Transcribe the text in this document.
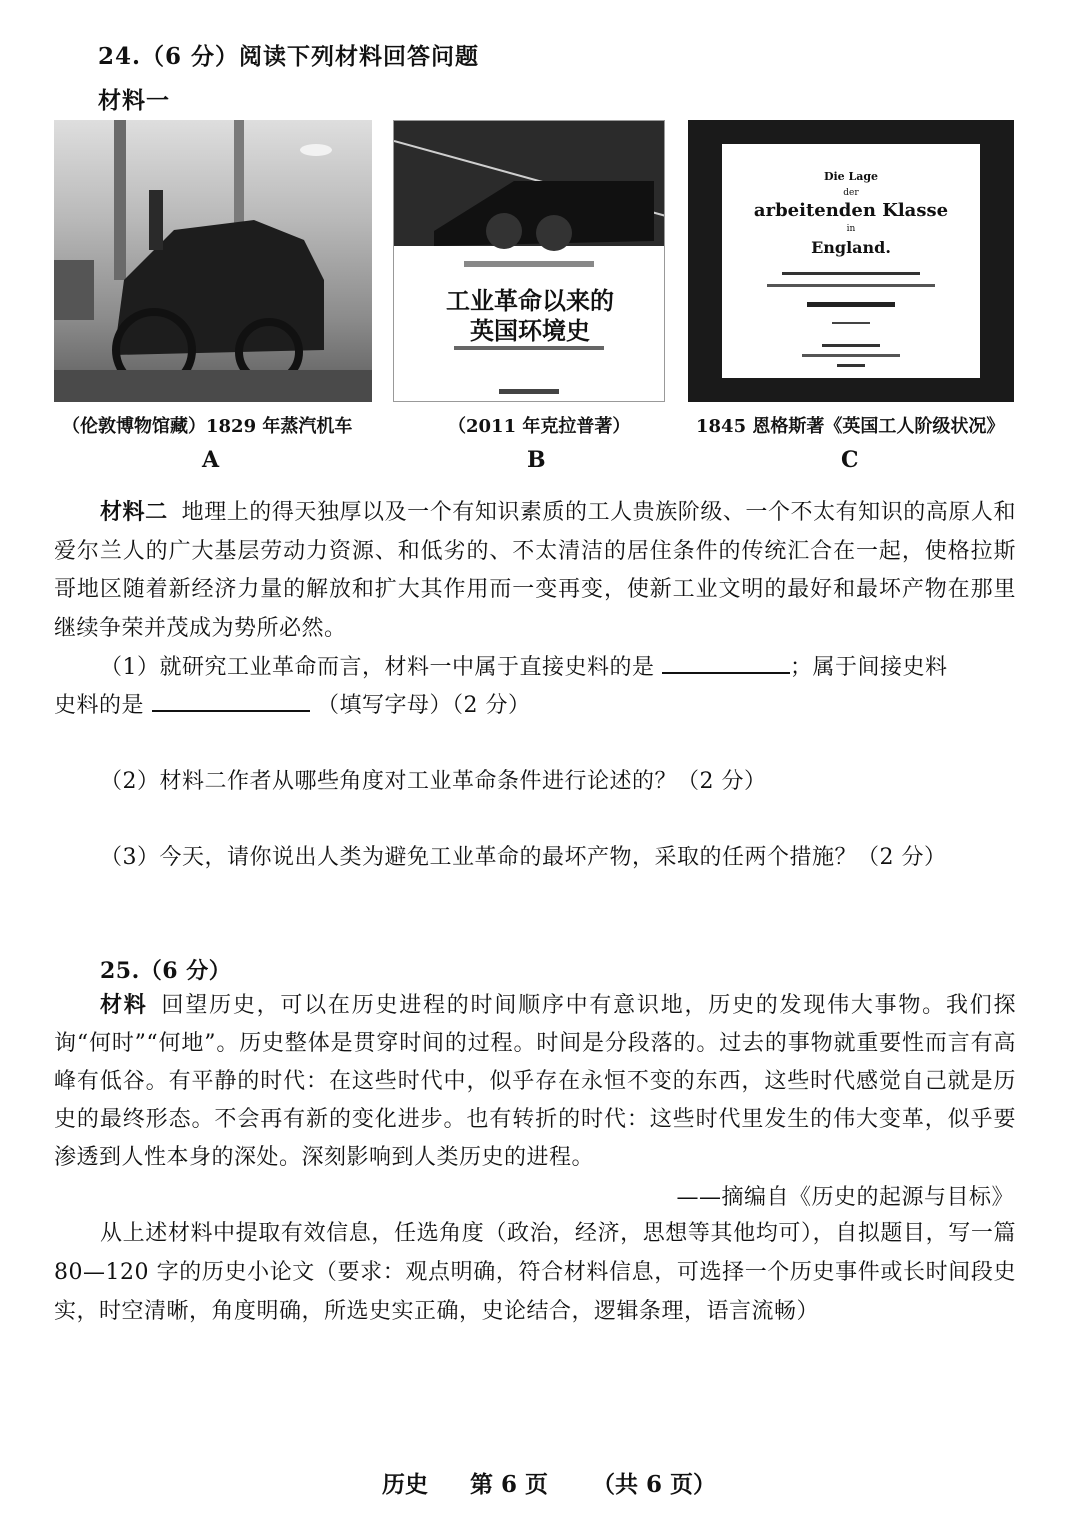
24.（6 分）阅读下列材料回答问题
材料一
工业革命以来的
英国环境史
Die Lage
der
arbeitenden Klasse
in
England.
（伦敦博物馆藏）1829 年蒸汽机车	（2011 年克拉普著）	1845 恩格斯著《英国工人阶级状况》
A	B	C
材料二 地理上的得天独厚以及一个有知识素质的工人贵族阶级、一个不太有知识的高原人和爱尔兰人的广大基层劳动力资源、和低劣的、不太清洁的居住条件的传统汇合在一起，使格拉斯哥地区随着新经济力量的解放和扩大其作用而一变再变，使新工业文明的最好和最坏产物在那里继续争荣并茂成为势所必然。
（1）就研究工业革命而言，材料一中属于直接史料的是	；属于间接史料
史料的是	（填写字母）（2 分）
（2）材料二作者从哪些角度对工业革命条件进行论述的？（2 分）
（3）今天，请你说出人类为避免工业革命的最坏产物，采取的任两个措施？（2 分）
25.（6 分）
材料 回望历史，可以在历史进程的时间顺序中有意识地，历史的发现伟大事物。我们探询“何时”“何地”。历史整体是贯穿时间的过程。时间是分段落的。过去的事物就重要性而言有高峰有低谷。有平静的时代：在这些时代中，似乎存在永恒不变的东西，这些时代感觉自己就是历史的最终形态。不会再有新的变化进步。也有转折的时代：这些时代里发生的伟大变革，似乎要渗透到人性本身的深处。深刻影响到人类历史的进程。
——摘编自《历史的起源与目标》
从上述材料中提取有效信息，任选角度（政治，经济，思想等其他均可），自拟题目，写一篇 80—120 字的历史小论文（要求：观点明确，符合材料信息，可选择一个历史事件或长时间段史实，时空清晰，角度明确，所选史实正确，史论结合，逻辑条理，语言流畅）
历史 第 6 页 （共 6 页）
